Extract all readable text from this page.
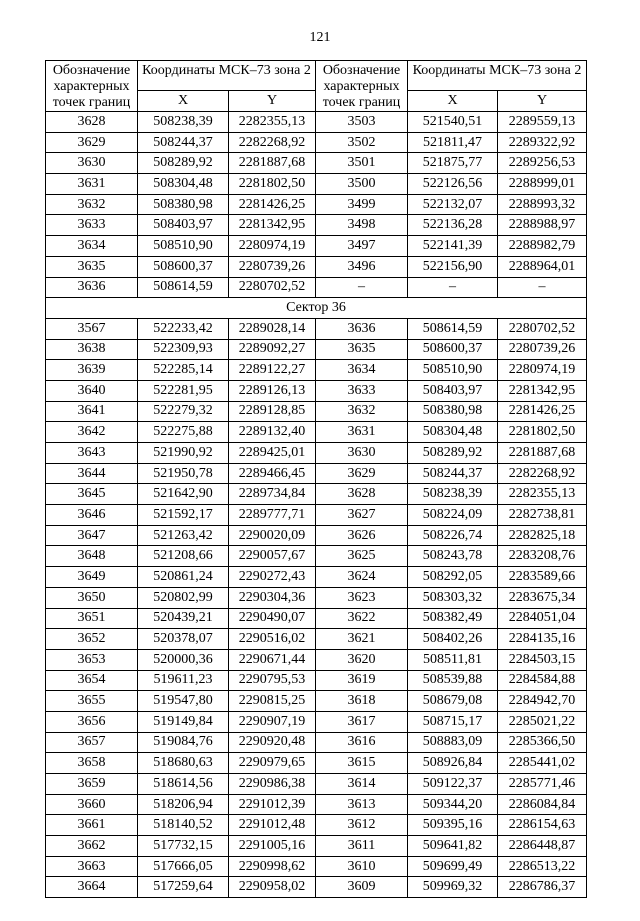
121
Обозначение характерных точек границ	Координаты МСК–73 зона 2		Обозначение характерных точек границ	Координаты МСК–73 зона 2	
	X	Y		X	Y
3628	508238,39	2282355,13	3503	521540,51	2289559,13
3629	508244,37	2282268,92	3502	521811,47	2289322,92
3630	508289,92	2281887,68	3501	521875,77	2289256,53
3631	508304,48	2281802,50	3500	522126,56	2288999,01
3632	508380,98	2281426,25	3499	522132,07	2288993,32
3633	508403,97	2281342,95	3498	522136,28	2288988,97
3634	508510,90	2280974,19	3497	522141,39	2288982,79
3635	508600,37	2280739,26	3496	522156,90	2288964,01
3636	508614,59	2280702,52	–	–	–
Сектор 36					
3567	522233,42	2289028,14	3636	508614,59	2280702,52
3638	522309,93	2289092,27	3635	508600,37	2280739,26
3639	522285,14	2289122,27	3634	508510,90	2280974,19
3640	522281,95	2289126,13	3633	508403,97	2281342,95
3641	522279,32	2289128,85	3632	508380,98	2281426,25
3642	522275,88	2289132,40	3631	508304,48	2281802,50
3643	521990,92	2289425,01	3630	508289,92	2281887,68
3644	521950,78	2289466,45	3629	508244,37	2282268,92
3645	521642,90	2289734,84	3628	508238,39	2282355,13
3646	521592,17	2289777,71	3627	508224,09	2282738,81
3647	521263,42	2290020,09	3626	508226,74	2282825,18
3648	521208,66	2290057,67	3625	508243,78	2283208,76
3649	520861,24	2290272,43	3624	508292,05	2283589,66
3650	520802,99	2290304,36	3623	508303,32	2283675,34
3651	520439,21	2290490,07	3622	508382,49	2284051,04
3652	520378,07	2290516,02	3621	508402,26	2284135,16
3653	520000,36	2290671,44	3620	508511,81	2284503,15
3654	519611,23	2290795,53	3619	508539,88	2284584,88
3655	519547,80	2290815,25	3618	508679,08	2284942,70
3656	519149,84	2290907,19	3617	508715,17	2285021,22
3657	519084,76	2290920,48	3616	508883,09	2285366,50
3658	518680,63	2290979,65	3615	508926,84	2285441,02
3659	518614,56	2290986,38	3614	509122,37	2285771,46
3660	518206,94	2291012,39	3613	509344,20	2286084,84
3661	518140,52	2291012,48	3612	509395,16	2286154,63
3662	517732,15	2291005,16	3611	509641,82	2286448,87
3663	517666,05	2290998,62	3610	509699,49	2286513,22
3664	517259,64	2290958,02	3609	509969,32	2286786,37
